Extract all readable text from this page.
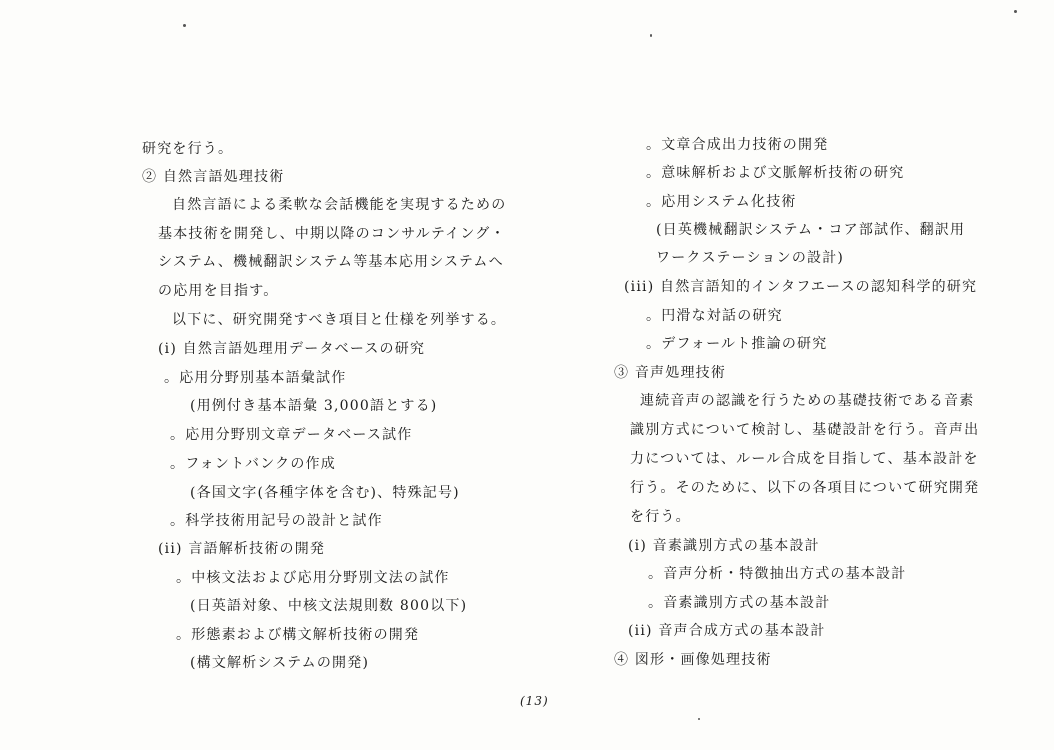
研究を行う。
② 自然言語処理技術
自然言語による柔軟な会話機能を実現するための
基本技術を開発し、中期以降のコンサルテイング・
システム、機械翻訳システム等基本応用システムへ
の応用を目指す。
以下に、研究開発すべき項目と仕様を列挙する。
(i) 自然言語処理用データベースの研究
。応用分野別基本語彙試作
(用例付き基本語彙 3,000語とする)
。応用分野別文章データベース試作
。フォントバンクの作成
(各国文字(各種字体を含む)、特殊記号)
。科学技術用記号の設計と試作
(ii) 言語解析技術の開発
。中核文法および応用分野別文法の試作
(日英語対象、中核文法規則数 800以下)
。形態素および構文解析技術の開発
(構文解析システムの開発)
。文章合成出力技術の開発
。意味解析および文脈解析技術の研究
。応用システム化技術
(日英機械翻訳システム・コア部試作、翻訳用
ワークステーションの設計)
(iii) 自然言語知的インタフエースの認知科学的研究
。円滑な対話の研究
。デフォールト推論の研究
③ 音声処理技術
連続音声の認識を行うための基礎技術である音素
識別方式について検討し、基礎設計を行う。音声出
力については、ルール合成を目指して、基本設計を
行う。そのために、以下の各項目について研究開発
を行う。
(i) 音素識別方式の基本設計
。音声分析・特徴抽出方式の基本設計
。音素識別方式の基本設計
(ii) 音声合成方式の基本設計
④ 図形・画像処理技術
(13)
